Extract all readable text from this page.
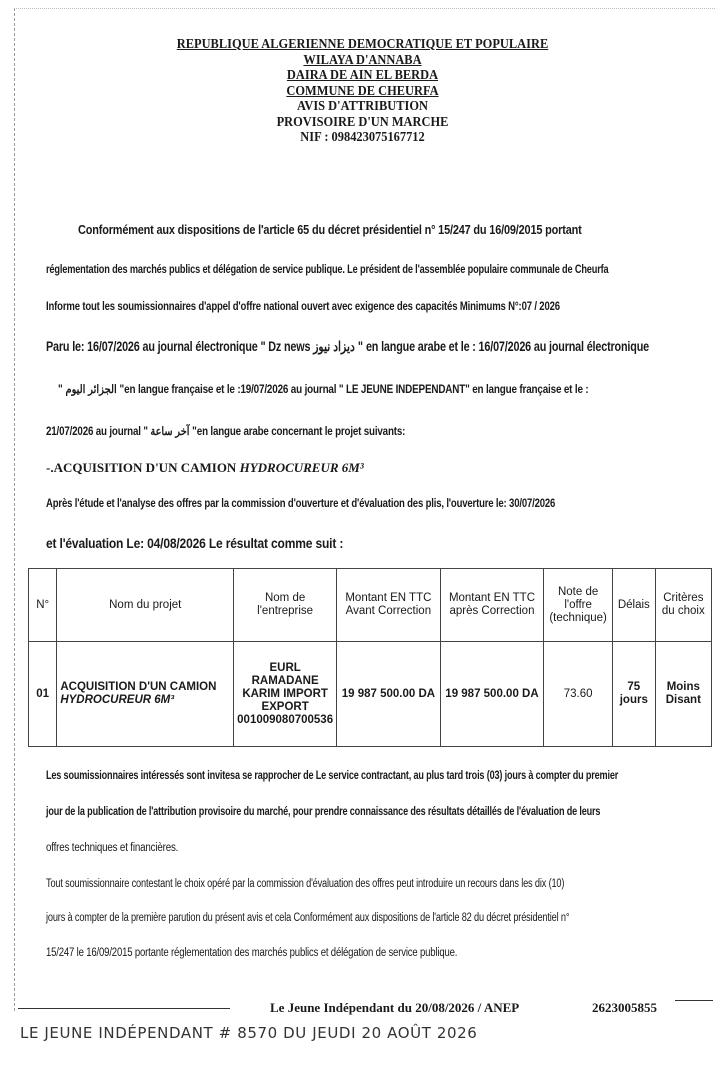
REPUBLIQUE ALGERIENNE DEMOCRATIQUE ET POPULAIRE
WILAYA D'ANNABA
DAIRA DE AIN EL BERDA
COMMUNE DE CHEURFA
AVIS D'ATTRIBUTION
PROVISOIRE D'UN MARCHE
NIF : 098423075167712
Conformément aux dispositions de l'article 65 du décret présidentiel n° 15/247 du 16/09/2015 portant
réglementation des marchés publics et délégation de service publique. Le président de l'assemblée populaire communale de Cheurfa
Informe tout les soumissionnaires d'appel d'offre national ouvert avec exigence des capacités Minimums N°:07 / 2026
Paru le: 16/07/2026 au journal électronique " Dz news دیزاد نیوز " en langue arabe et le : 16/07/2026 au journal électronique
" الجزائر اليوم "en langue française et le :19/07/2026 au journal " LE JEUNE INDEPENDANT" en langue française et le :
21/07/2026 au journal " آخر ساعة "en langue arabe concernant le projet suivants:
-.ACQUISITION D'UN CAMION HYDROCUREUR 6M³
Après l'étude et l'analyse des offres par la commission d'ouverture et d'évaluation des plis, l'ouverture le: 30/07/2026
et l'évaluation Le: 04/08/2026 Le résultat comme suit :
N°	Nom du projet	Nom de l'entreprise	Montant EN TTC Avant Correction	Montant EN TTC après Correction	Note de l'offre (technique)	Délais	Critères du choix
01	ACQUISITION D'UN CAMION
HYDROCUREUR 6M³	EURL RAMADANE KARIM IMPORT EXPORT 001009080700536	19 987 500.00 DA	19 987 500.00 DA	73.60	75 jours	Moins Disant
Les soumissionnaires intéressés sont invitesa se rapprocher de Le service contractant, au plus tard trois (03) jours à compter du premier
jour de la publication de l'attribution provisoire du marché, pour prendre connaissance des résultats détaillés de l'évaluation de leurs
offres techniques et financières.
Tout soumissionnaire contestant le choix opéré par la commission d'évaluation des offres peut introduire un recours dans les dix (10)
jours à compter de la première parution du présent avis et cela Conformément aux dispositions de l'article 82 du décret présidentiel n°
15/247 le 16/09/2015 portante réglementation des marchés publics et délégation de service publique.
Le Jeune Indépendant du 20/08/2026 / ANEP	2623005855
LE JEUNE INDÉPENDANT # 8570 DU JEUDI 20 AOÛT 2026
